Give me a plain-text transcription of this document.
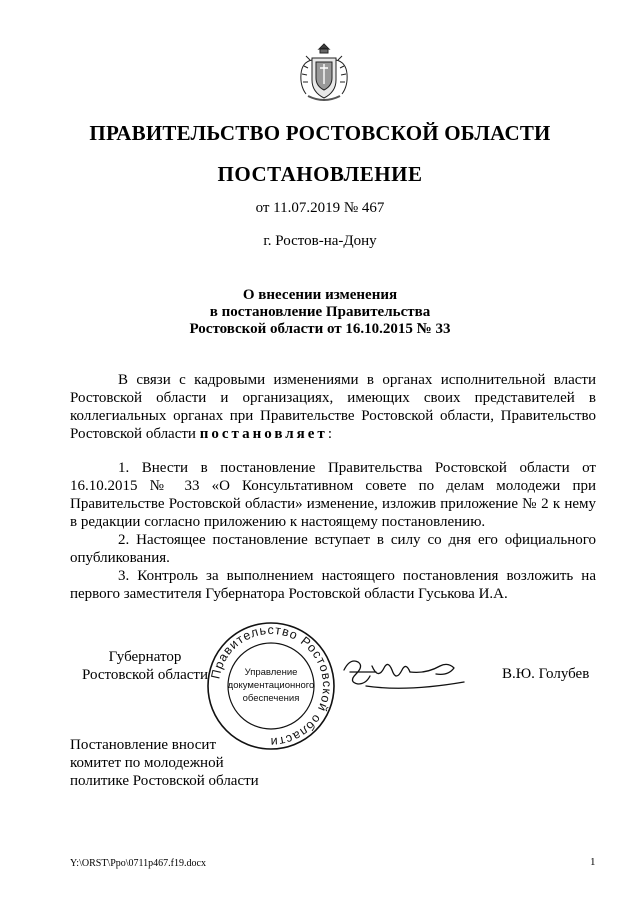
ПРАВИТЕЛЬСТВО РОСТОВСКОЙ ОБЛАСТИ
ПОСТАНОВЛЕНИЕ
от 11.07.2019 № 467
г. Ростов-на-Дону
О внесении изменения
в постановление Правительства
Ростовской области от 16.10.2015 № 33
В связи с кадровыми изменениями в органах исполнительной власти Ростовской области и организациях, имеющих своих представителей в коллегиальных органах при Правительстве Ростовской области, Правительство Ростовской области постановляет:

1. Внести в постановление Правительства Ростовской области от 16.10.2015 № 33 «О Консультативном совете по делам молодежи при Правительстве Ростовской области» изменение, изложив приложение № 2 к нему в редакции согласно приложению к настоящему постановлению.

2. Настоящее постановление вступает в силу со дня его официального опубликования.

3. Контроль за выполнением настоящего постановления возложить на первого заместителя Губернатора Ростовской области Гуськова И.А.

Губернатор
Ростовской области Правительство Ростовской области
Управление
документационного
обеспечения
В.Ю. Голубев
Постановление вносит
комитет по молодежной
политике Ростовской области
Y:\ORST\Ppo\0711p467.f19.docx	1
